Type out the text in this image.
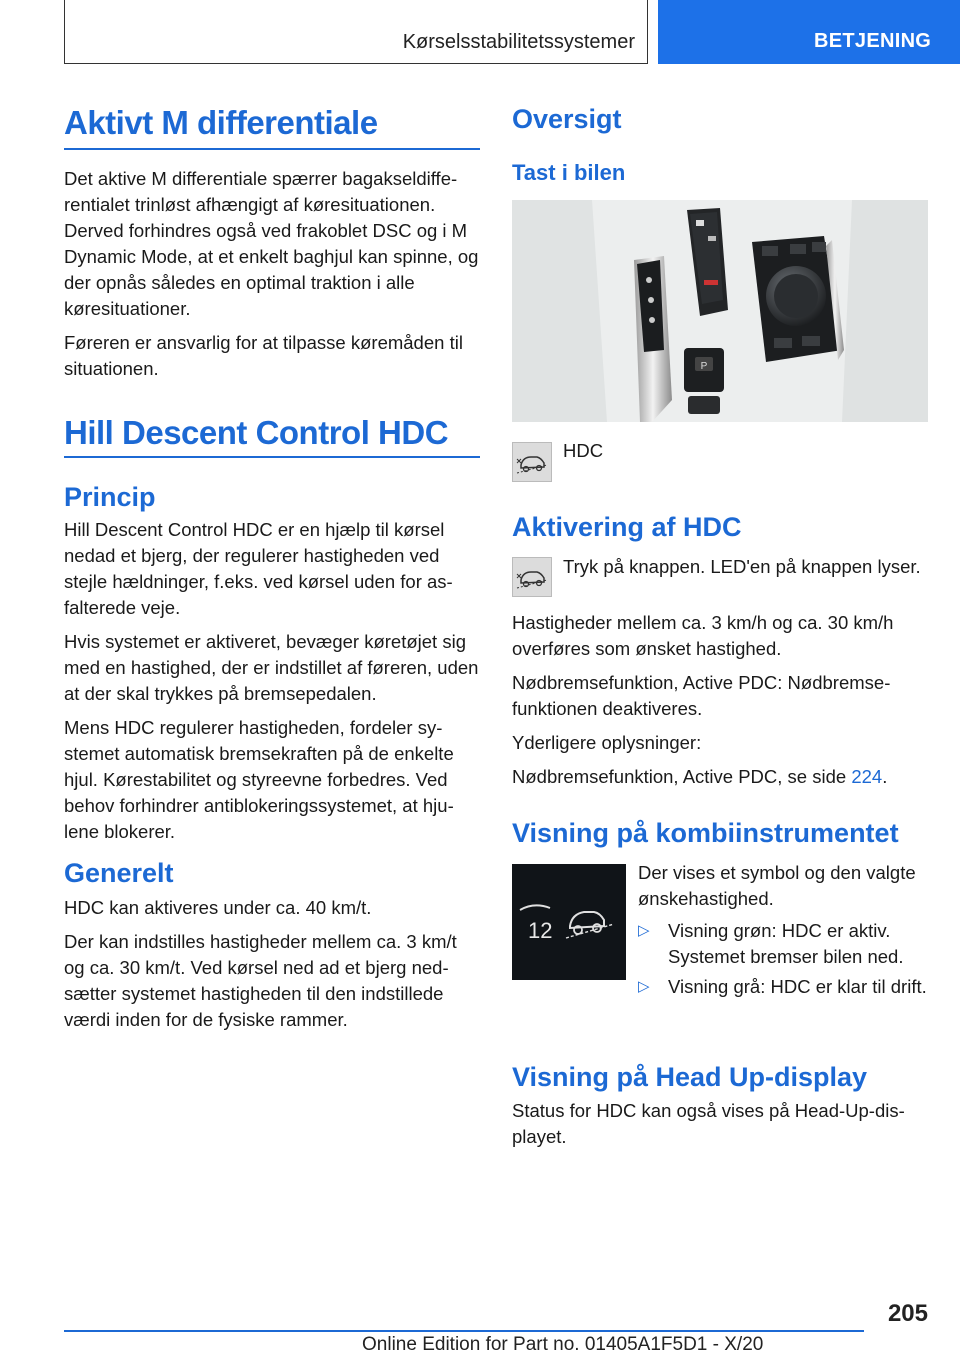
Kørselsstabilitetssystemer	BETJENING
Aktivt M differentiale

Det aktive M differentiale spærrer bagakseldifferentialet trinløst afhængigt af køresituationen. Derved forhindres også ved frakoblet DSC og i M Dynamic Mode, at et enkelt baghjul kan spinne, og der opnås således en optimal traktion i alle køresituationer.

Føreren er ansvarlig for at tilpasse køremåden til situationen.

Hill Descent Control HDC
Princip

Hill Descent Control HDC er en hjælp til kørsel nedad et bjerg, der regulerer hastigheden ved stejle hældninger, f.eks. ved kørsel uden for asfalterede veje.

Hvis systemet er aktiveret, bevæger køretøjet sig med en hastighed, der er indstillet af føreren, uden at der skal trykkes på bremsepedalen.

Mens HDC regulerer hastigheden, fordeler systemet automatisk bremsekraften på de enkelte hjul. Kørestabilitet og styreevne forbedres. Ved behov forhindrer antiblokeringssystemet, at hjulene blokerer.

Generelt

HDC kan aktiveres under ca. 40 km/t.

Der kan indstilles hastigheder mellem ca. 3 km/t og ca. 30 km/t. Ved kørsel ned ad et bjerg nedsætter systemet hastigheden til den indstillede værdi inden for de fysiske rammer.

Oversigt
Tast i bilen
P
HDC
Aktivering af HDC
Tryk på knappen. LED'en på knappen lyser.

Hastigheder mellem ca. 3 km/h og ca. 30 km/h overføres som ønsket hastighed.

Nødbremsefunktion, Active PDC: Nødbremsefunktionen deaktiveres.

Yderligere oplysninger:

Nødbremsefunktion, Active PDC, se side 224.

Visning på kombiinstrumentet
12
Der vises et symbol og den valgte ønskehastighed.
▷ Visning grøn: HDC er aktiv. Systemet bremser bilen ned.
▷ Visning grå: HDC er klar til drift.
Visning på Head Up-display
Status for HDC kan også vises på Head-Up-displayet.
205
Online Edition for Part no. 01405A1F5D1 - X/20
